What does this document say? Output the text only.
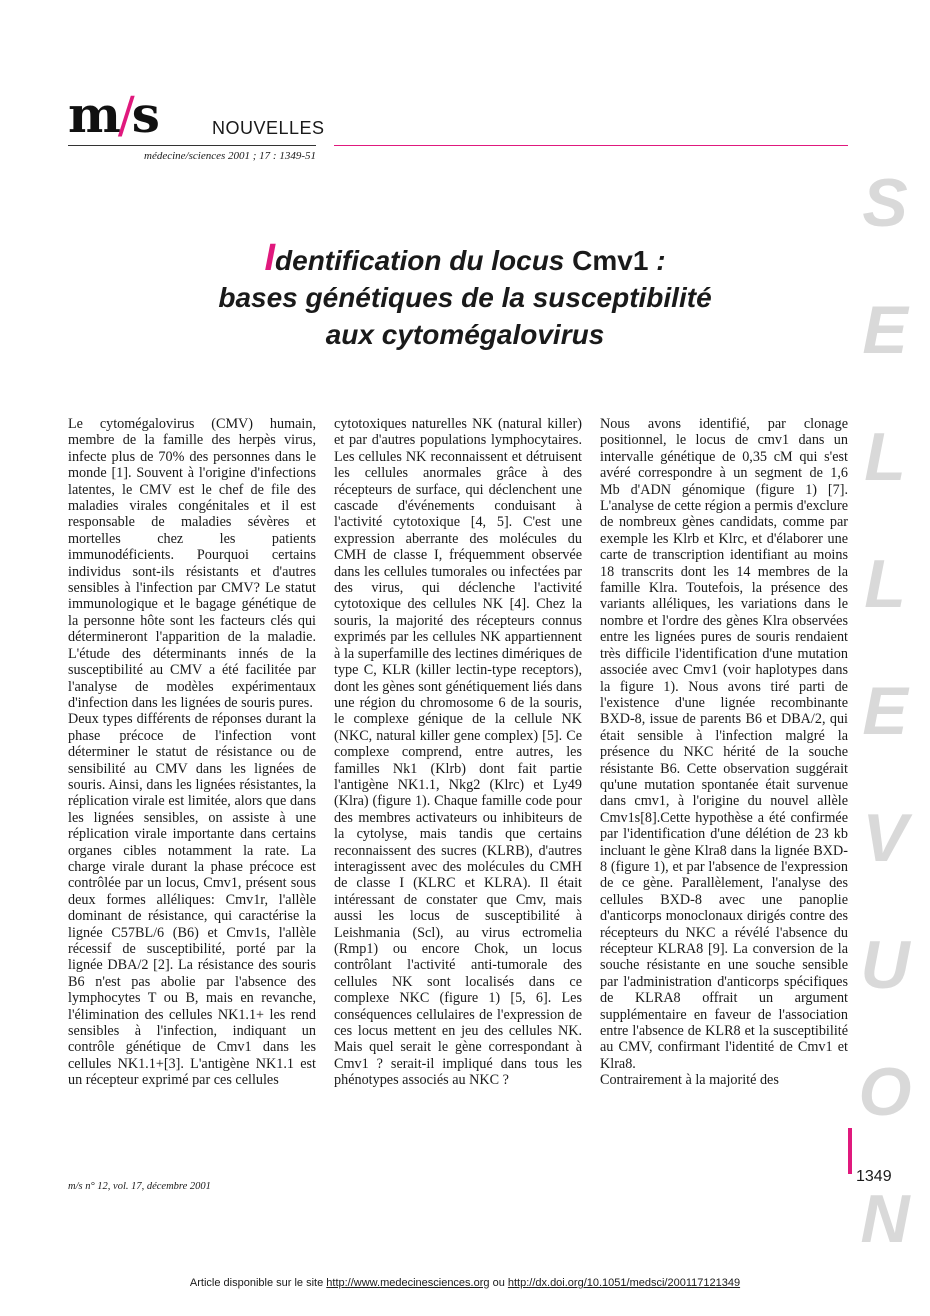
m/s	NOUVELLES
médecine/sciences 2001 ; 17 : 1349-51
S
E
L
L
E
V
U
O
N
Identification du locus Cmv1 :
bases génétiques de la susceptibilité
aux cytomégalovirus

Le cytomégalovirus (CMV) humain, membre de la famille des herpès virus, infecte plus de 70% des personnes dans le monde [1]. Souvent à l'origine d'infections latentes, le CMV est le chef de file des maladies virales congénitales et il est responsable de maladies sévères et mortelles chez les patients immunodéficients. Pourquoi certains individus sont-ils résistants et d'autres sensibles à l'infection par CMV? Le statut immunologique et le bagage génétique de la personne hôte sont les facteurs clés qui détermineront l'apparition de la maladie. L'étude des déterminants innés de la susceptibilité au CMV a été facilitée par l'analyse de modèles expérimentaux d'infection dans les lignées de souris pures.

Deux types différents de réponses durant la phase précoce de l'infection vont déterminer le statut de résistance ou de sensibilité au CMV dans les lignées de souris. Ainsi, dans les lignées résistantes, la réplication virale est limitée, alors que dans les lignées sensibles, on assiste à une réplication virale importante dans certains organes cibles notamment la rate. La charge virale durant la phase précoce est contrôlée par un locus, Cmv1, présent sous deux formes alléliques: Cmv1r, l'allèle dominant de résistance, qui caractérise la lignée C57BL/6 (B6) et Cmv1s, l'allèle récessif de susceptibilité, porté par la lignée DBA/2 [2]. La résistance des souris B6 n'est pas abolie par l'absence des lymphocytes T ou B, mais en revanche, l'élimination des cellules NK1.1+ les rend sensibles à l'infection, indiquant un contrôle génétique de Cmv1 dans les cellules NK1.1+[3]. L'antigène NK1.1 est un récepteur exprimé par ces cellules

cytotoxiques naturelles NK (natural killer) et par d'autres populations lymphocytaires. Les cellules NK reconnaissent et détruisent les cellules anormales grâce à des récepteurs de surface, qui déclenchent une cascade d'événements conduisant à l'activité cytotoxique [4, 5]. C'est une expression aberrante des molécules du CMH de classe I, fréquemment observée dans les cellules tumorales ou infectées par des virus, qui déclenche l'activité cytotoxique des cellules NK [4]. Chez la souris, la majorité des récepteurs connus exprimés par les cellules NK appartiennent à la superfamille des lectines dimériques de type C, KLR (killer lectin-type receptors), dont les gènes sont génétiquement liés dans une région du chromosome 6 de la souris, le complexe génique de la cellule NK (NKC, natural killer gene complex) [5]. Ce complexe comprend, entre autres, les familles Nk1 (Klrb) dont fait partie l'antigène NK1.1, Nkg2 (Klrc) et Ly49 (Klra) (figure 1). Chaque famille code pour des membres activateurs ou inhibiteurs de la cytolyse, mais tandis que certains reconnaissent des sucres (KLRB), d'autres interagissent avec des molécules du CMH de classe I (KLRC et KLRA). Il était intéressant de constater que Cmv, mais aussi les locus de susceptibilité à Leishmania (Scl), au virus ectromelia (Rmp1) ou encore Chok, un locus contrôlant l'activité anti-tumorale des cellules NK sont localisés dans ce complexe NKC (figure 1) [5, 6]. Les conséquences cellulaires de l'expression de ces locus mettent en jeu des cellules NK. Mais quel serait le gène correspondant à Cmv1 ? serait-il impliqué dans tous les phénotypes associés au NKC ?

Nous avons identifié, par clonage positionnel, le locus de cmv1 dans un intervalle génétique de 0,35 cM qui s'est avéré correspondre à un segment de 1,6 Mb d'ADN génomique (figure 1) [7]. L'analyse de cette région a permis d'exclure de nombreux gènes candidats, comme par exemple les Klrb et Klrc, et d'élaborer une carte de transcription identifiant au moins 18 transcrits dont les 14 membres de la famille Klra. Toutefois, la présence des variants alléliques, les variations dans le nombre et l'ordre des gènes Klra observées entre les lignées pures de souris rendaient très difficile l'identification d'une mutation associée avec Cmv1 (voir haplotypes dans la figure 1). Nous avons tiré parti de l'existence d'une lignée recombinante BXD-8, issue de parents B6 et DBA/2, qui était sensible à l'infection malgré la présence du NKC hérité de la souche résistante B6. Cette observation suggérait qu'une mutation spontanée était survenue dans cmv1, à l'origine du nouvel allèle Cmv1s[8].Cette hypothèse a été confirmée par l'identification d'une délétion de 23 kb incluant le gène Klra8 dans la lignée BXD-8 (figure 1), et par l'absence de l'expression de ce gène. Parallèlement, l'analyse des cellules BXD-8 avec une panoplie d'anticorps monoclonaux dirigés contre des récepteurs du NKC a révélé l'absence du récepteur KLRA8 [9]. La conversion de la souche résistante en une souche sensible par l'administration d'anticorps spécifiques de KLRA8 offrait un argument supplémentaire en faveur de l'association entre l'absence de KLR8 et la susceptibilité au CMV, confirmant l'identité de Cmv1 et Klra8.

Contrairement à la majorité des

m/s n° 12, vol. 17, décembre 2001
1349
Article disponible sur le site http://www.medecinesciences.org ou http://dx.doi.org/10.1051/medsci/200117121349
